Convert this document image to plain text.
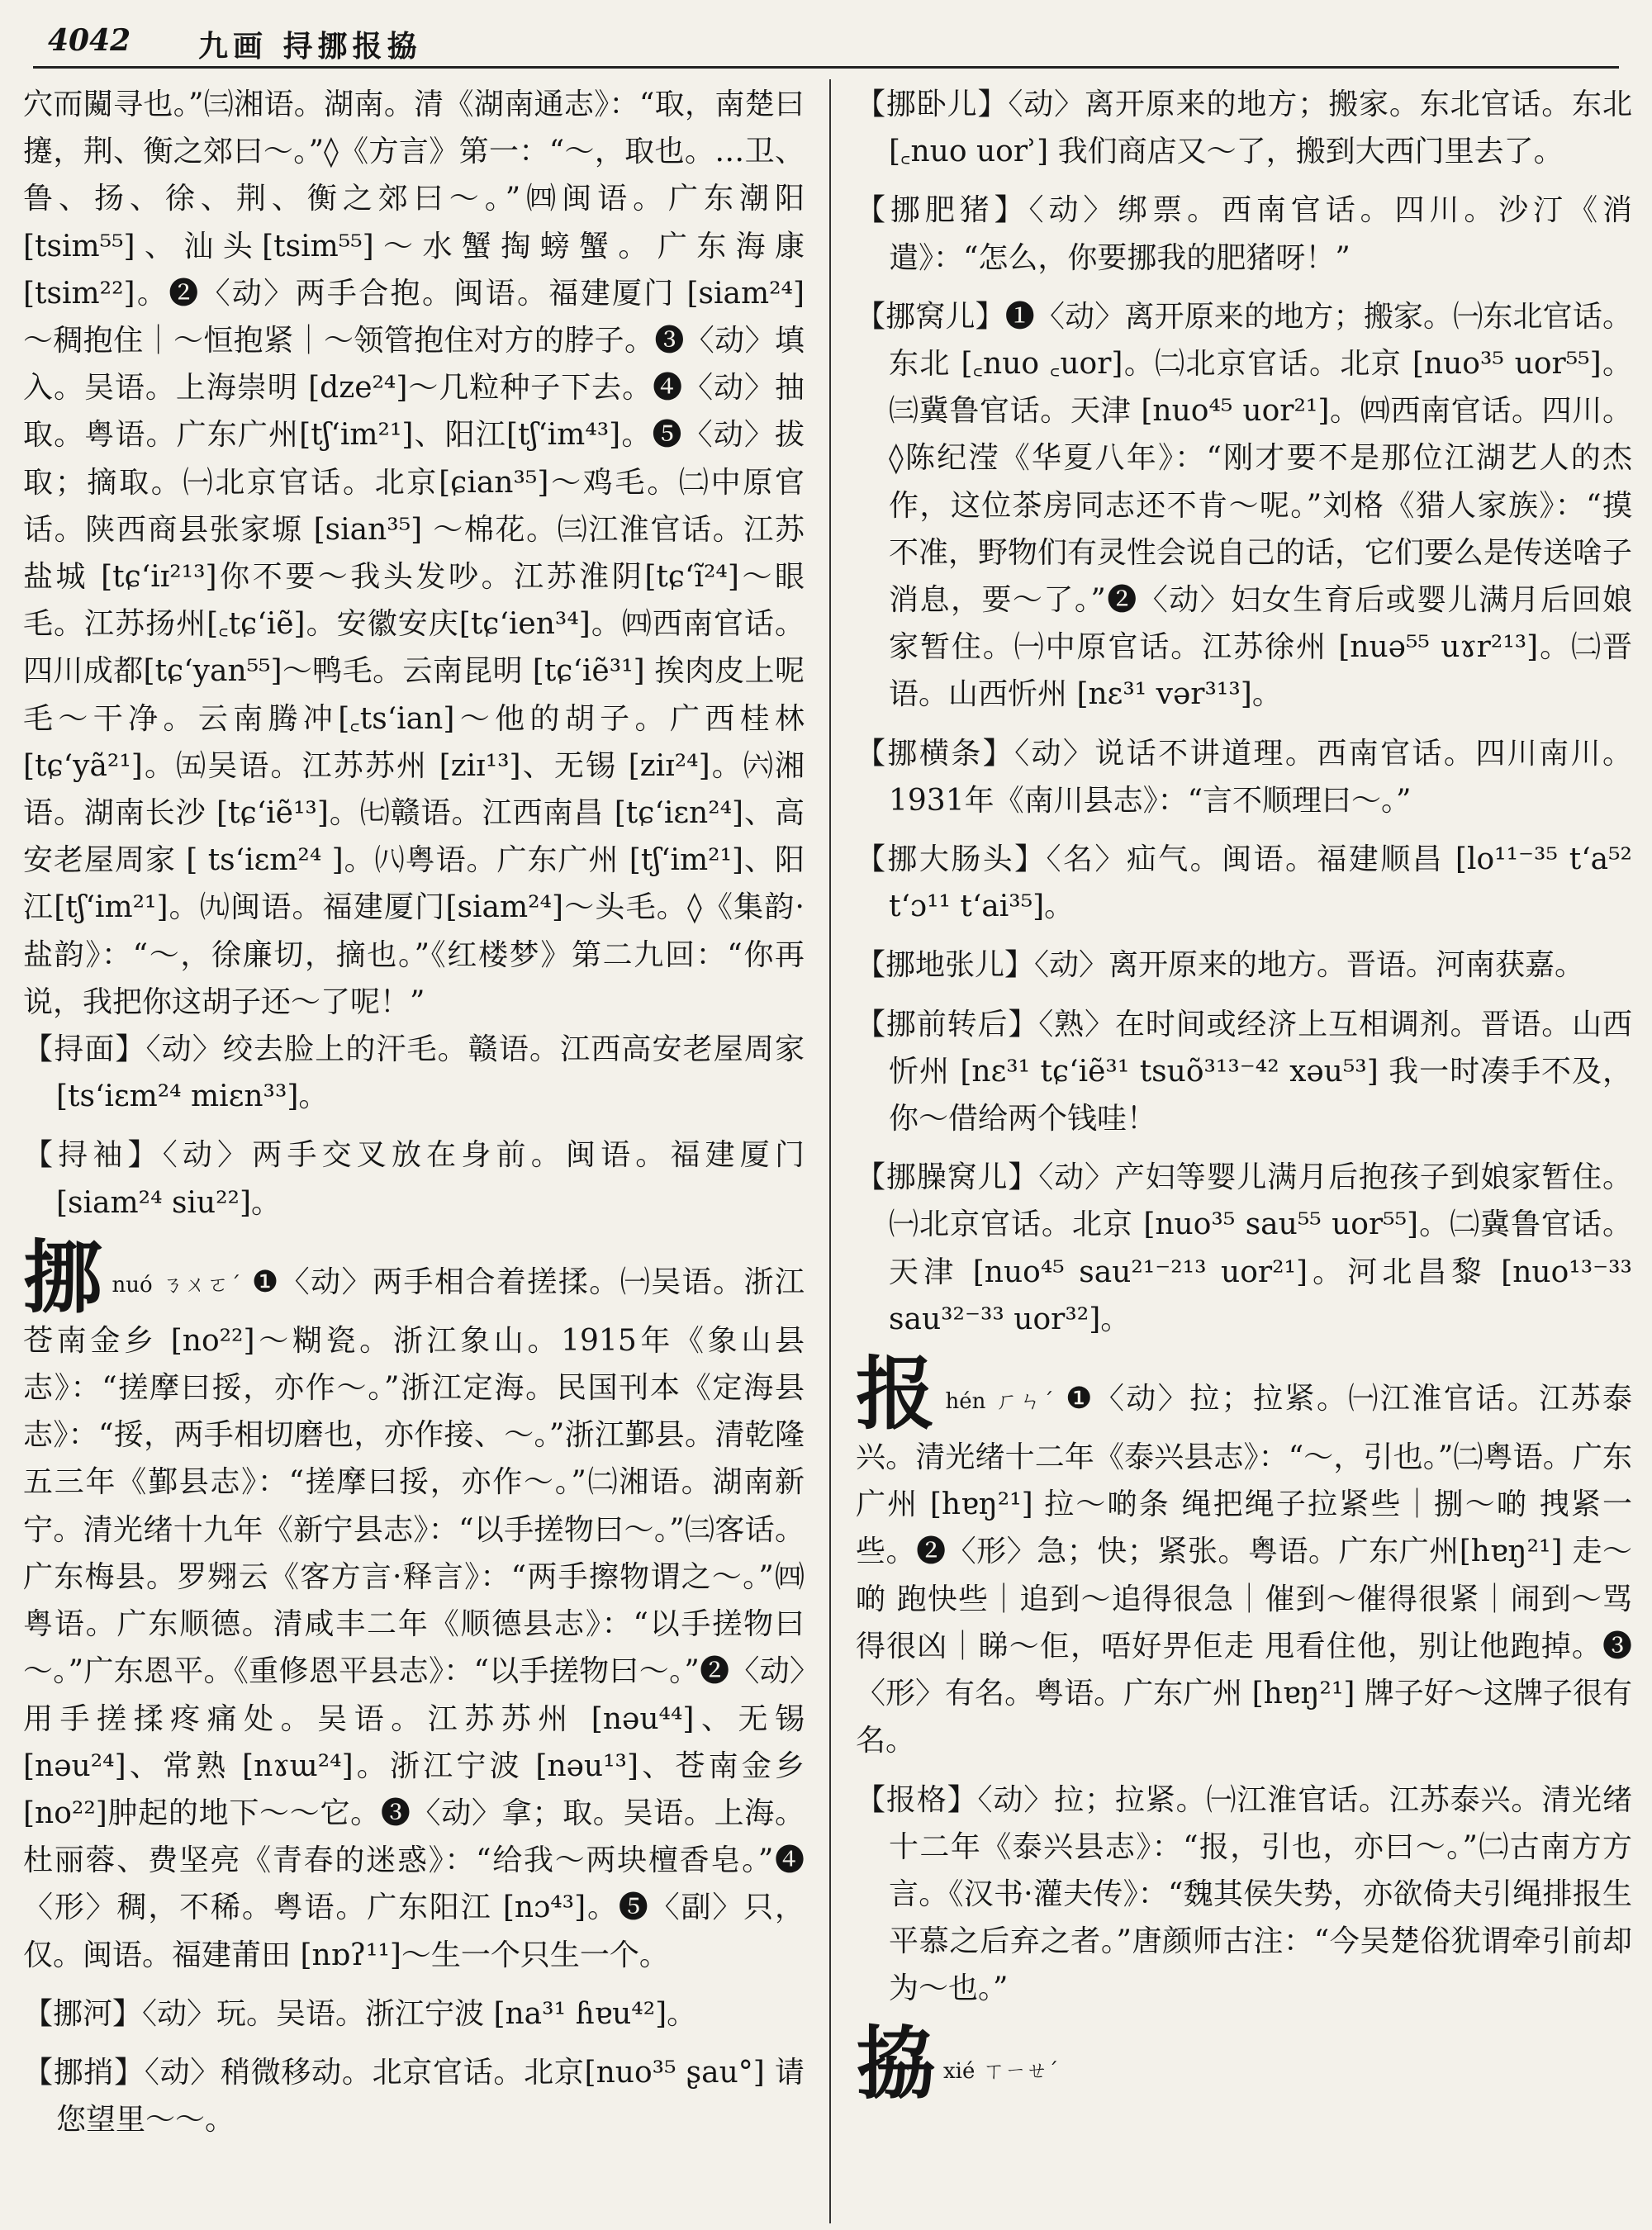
4042 九画 挦挪报拹

穴而闚寻也。”㈢湘语。湖南。清《湖南通志》：“取，南楚曰攓，荆、衡之郊曰～。”◊《方言》第一：“～，取也。…卫、鲁、扬、徐、荆、衡之郊曰～。”㈣闽语。广东潮阳 [tsim⁵⁵]、汕头[tsim⁵⁵]～水蟹掏螃蟹。广东海康 [tsim²²]。❷〈动〉两手合抱。闽语。福建厦门 [siam²⁴] ～稠抱住｜～恒抱紧｜～领管抱住对方的脖子。❸〈动〉填入。吴语。上海崇明 [dze²⁴]～几粒种子下去。❹〈动〉抽取。粤语。广东广州[tʃʻim²¹]、阳江[tʃʻim⁴³]。❺〈动〉拔取；摘取。㈠北京官话。北京[ɕian³⁵]～鸡毛。㈡中原官话。陕西商县张家塬 [sian³⁵] ～棉花。㈢江淮官话。江苏盐城 [tɕʻiɪ²¹³]你不要～我头发吵。江苏淮阴[tɕʻĩ²⁴]～眼毛。江苏扬州[꜀tɕʻiẽ]。安徽安庆[tɕʻien³⁴]。㈣西南官话。四川成都[tɕʻyan⁵⁵]～鸭毛。云南昆明 [tɕʻiẽ³¹] 挨肉皮上呢毛～干净。云南腾冲[꜀tsʻian]～他的胡子。广西桂林[tɕʻyã²¹]。㈤吴语。江苏苏州 [ziɪ¹³]、无锡 [ziɪ²⁴]。㈥湘语。湖南长沙 [tɕʻiẽ¹³]。㈦赣语。江西南昌 [tɕʻiɛn²⁴]、高安老屋周家 [ tsʻiɛm²⁴ ]。㈧粤语。广东广州 [tʃʻim²¹]、阳江[tʃʻim²¹]。㈨闽语。福建厦门[siam²⁴]～头毛。◊《集韵·盐韵》：“～，徐廉切，摘也。”《红楼梦》第二九回：“你再说，我把你这胡子还～了呢！”

【挦面】〈动〉绞去脸上的汗毛。赣语。江西高安老屋周家 [tsʻiɛm²⁴ miɛn³³]。

【挦袖】〈动〉两手交叉放在身前。闽语。福建厦门 [siam²⁴ siu²²]。

挪nuó ㄋㄨㄛˊ ❶〈动〉两手相合着搓揉。㈠吴语。浙江苍南金乡 [no²²]～糊瓷。浙江象山。1915年《象山县志》：“搓摩曰挼，亦作～。”浙江定海。民国刊本《定海县志》：“挼，两手相切磨也，亦作接、～。”浙江鄞县。清乾隆五三年《鄞县志》：“搓摩曰挼，亦作～。”㈡湘语。湖南新宁。清光绪十九年《新宁县志》：“以手搓物曰～。”㈢客话。广东梅县。罗翙云《客方言·释言》：“两手擦物谓之～。”㈣粤语。广东顺德。清咸丰二年《顺德县志》：“以手搓物曰～。”广东恩平。《重修恩平县志》：“以手搓物曰～。”❷〈动〉用手搓揉疼痛处。吴语。江苏苏州 [nəu⁴⁴]、无锡 [nəu²⁴]、常熟 [nɤɯ²⁴]。浙江宁波 [nəu¹³]、苍南金乡 [no²²]肿起的地下～～它。❸〈动〉拿；取。吴语。上海。杜丽蓉、费坚亮《青春的迷惑》：“给我～两块檀香皂。”❹〈形〉稠，不稀。粤语。广东阳江 [nɔ⁴³]。❺〈副〉只，仅。闽语。福建莆田 [nɒʔ¹¹]～生一个只生一个。

【挪河】〈动〉玩。吴语。浙江宁波 [na³¹ ɦɐu⁴²]。

【挪捎】〈动〉稍微移动。北京官话。北京[nuo³⁵ ʂau°] 请您望里～～。

【挪卧儿】〈动〉离开原来的地方；搬家。东北官话。东北 [꜀nuo uorʾ] 我们商店又～了，搬到大西门里去了。

【挪肥猪】〈动〉绑票。西南官话。四川。沙汀《消遣》：“怎么，你要挪我的肥猪呀！”

【挪窝儿】❶〈动〉离开原来的地方；搬家。㈠东北官话。东北 [꜀nuo ꜀uor]。㈡北京官话。北京 [nuo³⁵ uor⁵⁵]。㈢冀鲁官话。天津 [nuo⁴⁵ uor²¹]。㈣西南官话。四川。◊陈纪滢《华夏八年》：“刚才要不是那位江湖艺人的杰作，这位茶房同志还不肯～呢。”刘格《猎人家族》：“摸不准，野物们有灵性会说自己的话，它们要么是传送啥子消息，要～了。”❷〈动〉妇女生育后或婴儿满月后回娘家暂住。㈠中原官话。江苏徐州 [nuə⁵⁵ uɤr²¹³]。㈡晋语。山西忻州 [nɛ³¹ vər³¹³]。

【挪横条】〈动〉说话不讲道理。西南官话。四川南川。1931年《南川县志》：“言不顺理曰～。”

【挪大肠头】〈名〉疝气。闽语。福建顺昌 [lo¹¹⁻³⁵ tʻa⁵² tʻɔ¹¹ tʻai³⁵]。

【挪地张儿】〈动〉离开原来的地方。晋语。河南获嘉。

【挪前转后】〈熟〉在时间或经济上互相调剂。晋语。山西忻州 [nɛ³¹ tɕʻiẽ³¹ tsuõ³¹³⁻⁴² xəu⁵³] 我一时凑手不及，你～借给两个钱哇！

【挪臊窝儿】〈动〉产妇等婴儿满月后抱孩子到娘家暂住。㈠北京官话。北京 [nuo³⁵ sau⁵⁵ uor⁵⁵]。㈡冀鲁官话。天津 [nuo⁴⁵ sau²¹⁻²¹³ uor²¹]。河北昌黎 [nuo¹³⁻³³ sau³²⁻³³ uor³²]。

报hén ㄏㄣˊ ❶〈动〉拉；拉紧。㈠江淮官话。江苏泰兴。清光绪十二年《泰兴县志》：“～，引也。”㈡粤语。广东广州 [hɐŋ²¹] 拉～啲条 绳把绳子拉紧些｜捌～啲 拽紧一些。❷〈形〉急；快；紧张。粤语。广东广州[hɐŋ²¹] 走～啲 跑快些｜追到～追得很急｜催到～催得很紧｜闹到～骂得很凶｜睇～佢，唔好畀佢走 甩看住他，别让他跑掉。❸〈形〉有名。粤语。广东广州 [hɐŋ²¹] 牌子好～这牌子很有名。

【报格】〈动〉拉；拉紧。㈠江淮官话。江苏泰兴。清光绪十二年《泰兴县志》：“报，引也，亦曰～。”㈡古南方方言。《汉书·灌夫传》：“魏其侯失势，亦欲倚夫引绳排报生平慕之后弃之者。”唐颜师古注：“今吴楚俗犹谓牵引前却为～也。”

拹xié ㄒㄧㄝˊ
